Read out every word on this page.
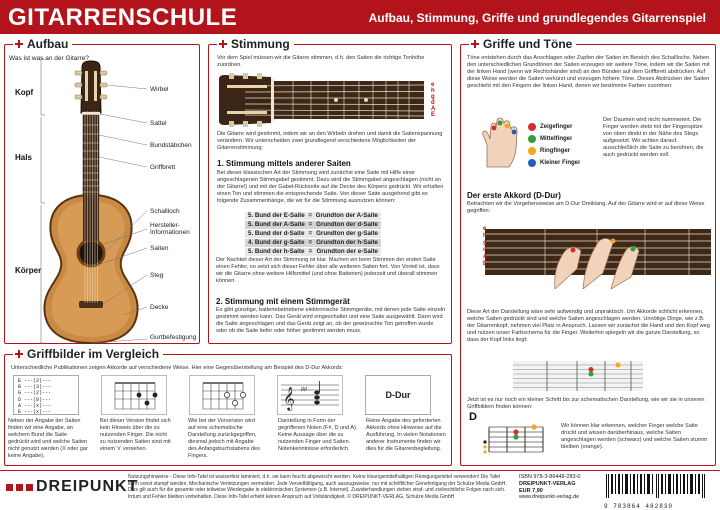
GITARRENSCHULE	Aufbau, Stimmung, Griffe und grundlegendes Gitarrenspiel
Aufbau
Was ist was an der Gitarre?
Kopf
Hals
Körper
Wirbel
Sattel
Bundstäbchen
Griffbrett
Schallloch
Hersteller-
Informationen
Saiten
Steg
Decke
Gurtbefestigung
Stimmung
Vor dem Spiel müssen wir die Gitarre stimmen, d.h. den Saiten die richtige Tonhöhe zuordnen.
e
h
g
d
A
E
Die Gitarre wird gestimmt, indem wir an den Wirbeln drehen und damit die Saitenspannung verändern. Wir unterscheiden zwei grundlegend verschiedene Möglichkeiten der Gitarrenstimmung:
1. Stimmung mittels anderer Saiten
Bei dieser klassischen Art der Stimmung wird zunächst eine Saite mit Hilfe einer angeschlagenen Stimmgabel gestimmt. Dazu wird die Stimmgabel angeschlagen (nicht an der Gitarre!) und mit der Gabel-Rückseite auf die Decke des Körpers gedrückt. Wir erhalten einen Ton und stimmen die entsprechende Saite. Von dieser Saite ausgehend gibt es folgende Zusammenhänge, die wir für die Stimmung ausnutzen können:
5. Bund der E-Saite = Grundton der A-Saite
5. Bund der A-Saite = Grundton der d-Saite
5. Bund der d-Saite = Grundton der g-Saite
4. Bund der g-Saite = Grundton der h-Saite
5. Bund der h-Saite = Grundton der e-Saite
Der Nachteil dieser Art der Stimmung ist klar. Machen wir beim Stimmen der ersten Saite einen Fehler, so setzt sich dieser Fehler über alle weiteren Saiten fort. Von Vorteil ist, dass wir die Gitarre ohne weitere Hilfsmittel (und ohne Batterien) jederzeit und überall stimmen können.
2. Stimmung mit einem Stimmgerät
Es gibt günstige, batteriebetriebene elektronische Stimmgeräte, mit denen jede Saite einzeln gestimmt werden kann. Das Gerät wird eingeschaltet und eine Saite ausgewählt. Dann wird die Saite angeschlagen und das Gerät zeigt an, ob der gewünschte Ton getroffen wurde oder ob die Saite tiefer oder höher gestimmt werden muss.
Griffe und Töne
Töne entstehen durch das Anschlagen oder Zupfen der Saiten im Bereich des Schalllochs. Neben den unterschiedlichen Grundtönen der Saiten erzeugen wir weitere Töne, indem wir die Saiten mit der linken Hand (wenn wir Rechtshänder sind) an den Bünden auf dem Griffbrett abdrücken. Auf diese Weise werden die Saiten verkürzt und erzeugen höhere Töne. Dieses Abdrücken der Saiten geschieht mit den Fingern der linken Hand, denen wir bestimmte Farben zuordnen:
Der Daumen wird nicht nummeriert. Die Finger werden stets mit der Fingerspitze von oben direkt in der Nähe des Stegs aufgesetzt. Wir achten darauf, ausschließlich die Saite zu berühren, die auch gedrückt werden soll.
Der erste Akkord (D-Dur)
Betrachten wir die Vorgehensweise am D-Dur Dreiklang. Auf der Gitarre wird er auf diese Weise gegriffen:
e
h
g
d
A
E
Diese Art der Darstellung wäre sehr aufwendig und unpraktisch. Um Akkorde schlicht erkennen, welche Saiten gedrückt sind und welche Saiten angeschlagen werden. Unnötige Dinge, wie z.B. der Gitarrenkopf, nehmen viel Platz in Anspruch. Lassen wir zunächst die Hand und den Kopf weg und nutzen unser Farbschema für die Finger. Weiterhin spiegeln wir die ganze Darstellung, so dass der Kopf links liegt:
Jetzt ist es nur noch ein kleiner Schritt bis zur schematischen Darstellung, wie wir sie in unseren Griffbildern finden können:
D
Wir können klar erkennen, welcher Finger welche Saite drückt und wissen darüberhinaus, welche Saiten angeschlagen werden (schwarz) und welche Saiten stumm bleiben (orange).
Zeigefinger
Mittelfinger
Ringfinger
Kleiner Finger
Griffbilder im Vergleich
Unterschiedliche Publikationen zeigen Akkorde auf verschiedene Weise. Hier eine Gegenüberstellung am Beispiel des D-Dur Akkords:
E ---(2)---
B ---(3)---
G ---(2)---
D ---(0)---
A ---(x)---
E ---(x)---
𝄞 ♯♯	D-Dur
Neben der Angabe der Saiten finden wir eine Angabe, an welchem Bund die Saite gedrückt wird und welche Saiten nicht genutzt werden (X oder gar keine Angabe).
Bei dieser Version findet sich kein Hinweis über die zu nutzenden Finger. Die nicht zu nutzenden Saiten sind mit einem 'x' versehen.
Wie bei der Vorversion wird auf eine schematische Darstellung zurückgegriffen, diesmal jedoch mit Angabe des Anfangsbuchstabens des Fingers.
Darstellung in Form der gegriffenen Noten (F#, D und A). Keine Aussage über die zu nutzenden Finger und Saiten. Notenkenntnisse erforderlich.
Reine Angabe des geforderten Akkords ohne Hinweise auf die Ausführung. In vielen Notationen anderer Instrumente finden wir dies für die Gitarrenbegleitung.
DREIPUNKT
Nutzungshinweise - Diese Info-Tafel ist wasserfest laminiert, d.h. sie kann feucht abgewischt werden. Keine lösungsmittelhaltigen Reinigungsmittel verwenden! Die Tafel kann sonst stumpf werden. Mechanische Verletzungen vermeiden. Jede Vervielfältigung, auch auszugsweise, nur mit schriftlicher Genehmigung der Schulze Media GmbH. Dies gilt auch für die gesamte oder teilweise Wiedergabe in elektronischen Systemen (z.B. Internet). Zuwiderhandlungen ziehen straf- und zivilrechtliche Folgen nach sich. Irrtum und Fehler bleiben vorbehalten. Diese Info-Tafel erhebt keinen Anspruch auf Vollständigkeit. © DREIPUNKT-VERLAG, Schulze Media GmbH
ISBN 978-3-86448-283-0
DREIPUNKT-VERLAG
EUR 7,90
www.dreipunkt-verlag.de
9 783864 482830
